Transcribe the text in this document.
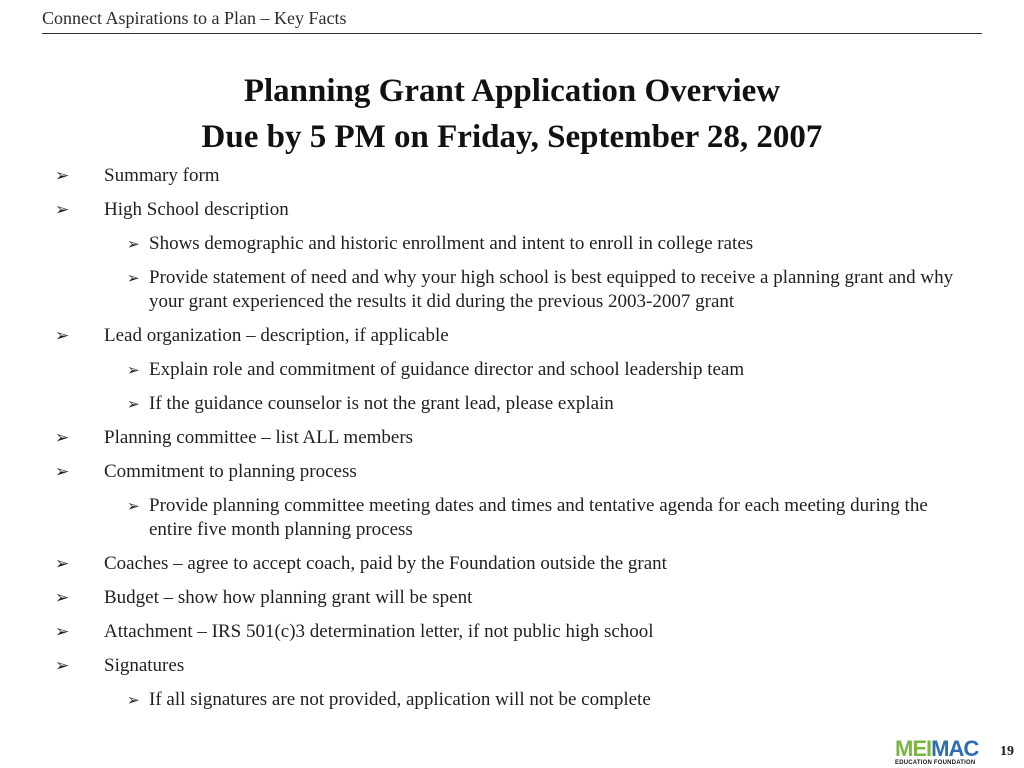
Connect Aspirations to a Plan – Key Facts
Planning Grant Application Overview
Due by 5 PM on Friday, September 28, 2007
➢ Summary form
➢ High School description
➢ Shows demographic and historic enrollment and intent to enroll in college rates
➢ Provide statement of need and why your high school is best equipped to receive a planning grant and why your grant experienced the results it did during the previous 2003-2007 grant
➢ Lead organization – description, if applicable
➢ Explain role and commitment of guidance director and school leadership team
➢ If the guidance counselor is not the grant lead, please explain
➢ Planning committee – list ALL members
➢ Commitment to planning process
➢ Provide planning committee meeting dates and times and tentative agenda for each meeting during the entire five month planning process
➢ Coaches – agree to accept coach, paid by the Foundation outside the grant
➢ Budget – show how planning grant will be spent
➢ Attachment – IRS 501(c)3 determination letter, if not public high school
➢ Signatures
➢ If all signatures are not provided, application will not be complete
MEIMAC
EDUCATION FOUNDATION
19
